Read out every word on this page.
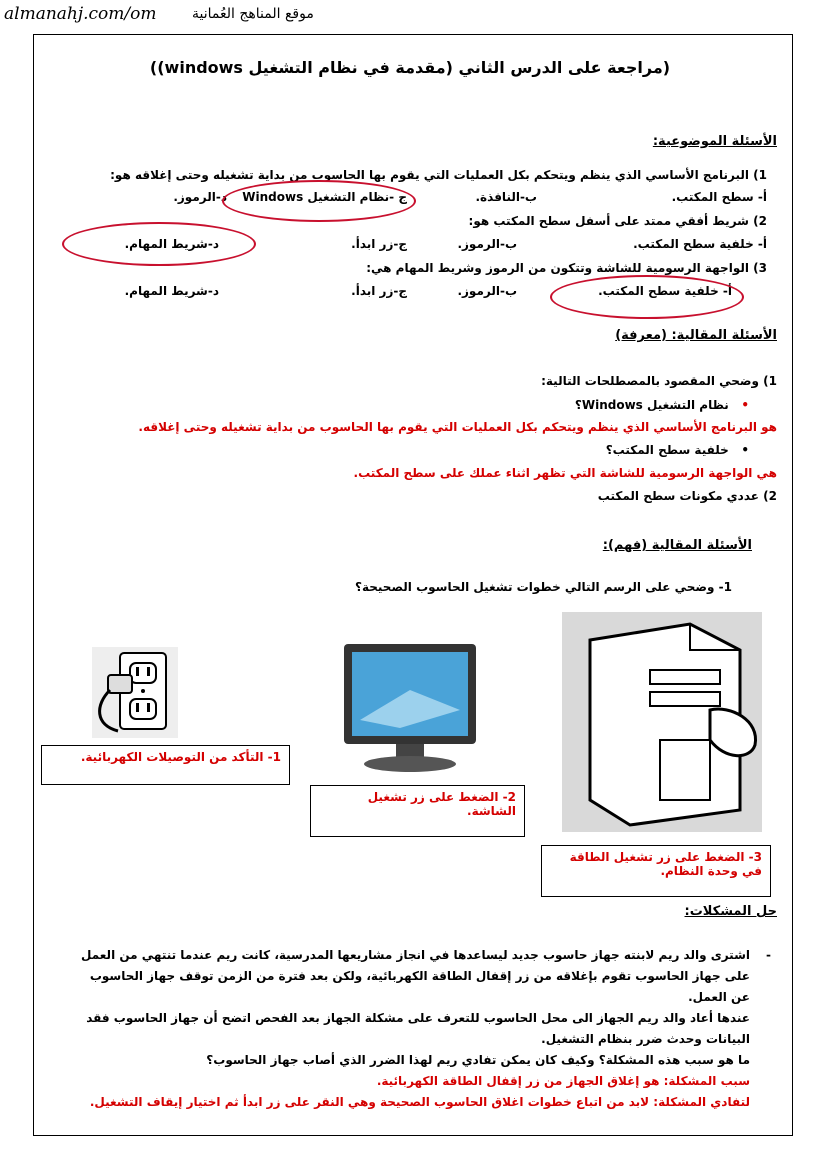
almanahj.com/om	موقع المناهج العُمانية
(مراجعة على الدرس الثاني (مقدمة في نظام التشغيل windows))
الأسئلة الموضوعية:
1) البرنامج الأساسي الذي ينظم ويتحكم بكل العمليات التي يقوم بها الحاسوب من بداية تشغيله وحتى إغلاقه هو:
أ- سطح المكتب.
ب-النافذة.
ج -نظام التشغيل Windows
د-الرموز.
2) شريط أفقي ممتد على أسفل سطح المكتب هو:
أ- خلفية سطح المكتب.
ب-الرموز.
ج-زر ابدأ.
د-شريط المهام.
3) الواجهة الرسومية للشاشة وتتكون من الرموز وشريط المهام هي:
أ- خلفية سطح المكتب.
ب-الرموز.
ج-زر ابدأ.
د-شريط المهام.
الأسئلة المقالية: (معرفة)
1) وضحي المقصود بالمصطلحات التالية:
•   نظام التشغيل Windows؟
هو البرنامج الأساسي الذي ينظم ويتحكم بكل العمليات التي يقوم بها الحاسوب من بداية تشغيله وحتى إغلاقه.
•   خلفية سطح المكتب؟
هي الواجهة الرسومية للشاشة التي تظهر اثناء عملك على سطح المكتب.
2) عددي مكونات سطح المكتب
الأسئلة المقالية (فهم):
1- وضحي على الرسم التالي خطوات تشغيل الحاسوب الصحيحة؟
1- التأكد من التوصيلات الكهربائية.
2- الضغط على زر تشغيل الشاشة.
3- الضغط على زر تشغيل الطاقة في وحدة النظام.
حل المشكلات:
-
اشترى والد ريم لابنته جهاز حاسوب جديد ليساعدها في انجاز مشاريعها المدرسية، كانت ريم عندما تنتهي من العمل على جهاز الحاسوب تقوم بإغلاقه من زر إقفال الطاقة الكهربائية، ولكن بعد فترة من الزمن توقف جهاز الحاسوب عن العمل.
عندها أعاد والد ريم الجهاز الى محل الحاسوب للتعرف على مشكلة الجهاز بعد الفحص اتضح أن جهاز الحاسوب فقد البيانات وحدث ضرر بنظام التشغيل.
ما هو سبب هذه المشكلة؟ وكيف كان يمكن تفادي ريم لهذا الضرر الذي أصاب جهاز الحاسوب؟
سبب المشكلة: هو إغلاق الجهاز من زر إقفال الطاقة الكهربائية.
لتفادي المشكلة: لابد من اتباع خطوات اغلاق الحاسوب الصحيحة وهي النقر على زر ابدأ ثم اختيار إيقاف التشغيل.
